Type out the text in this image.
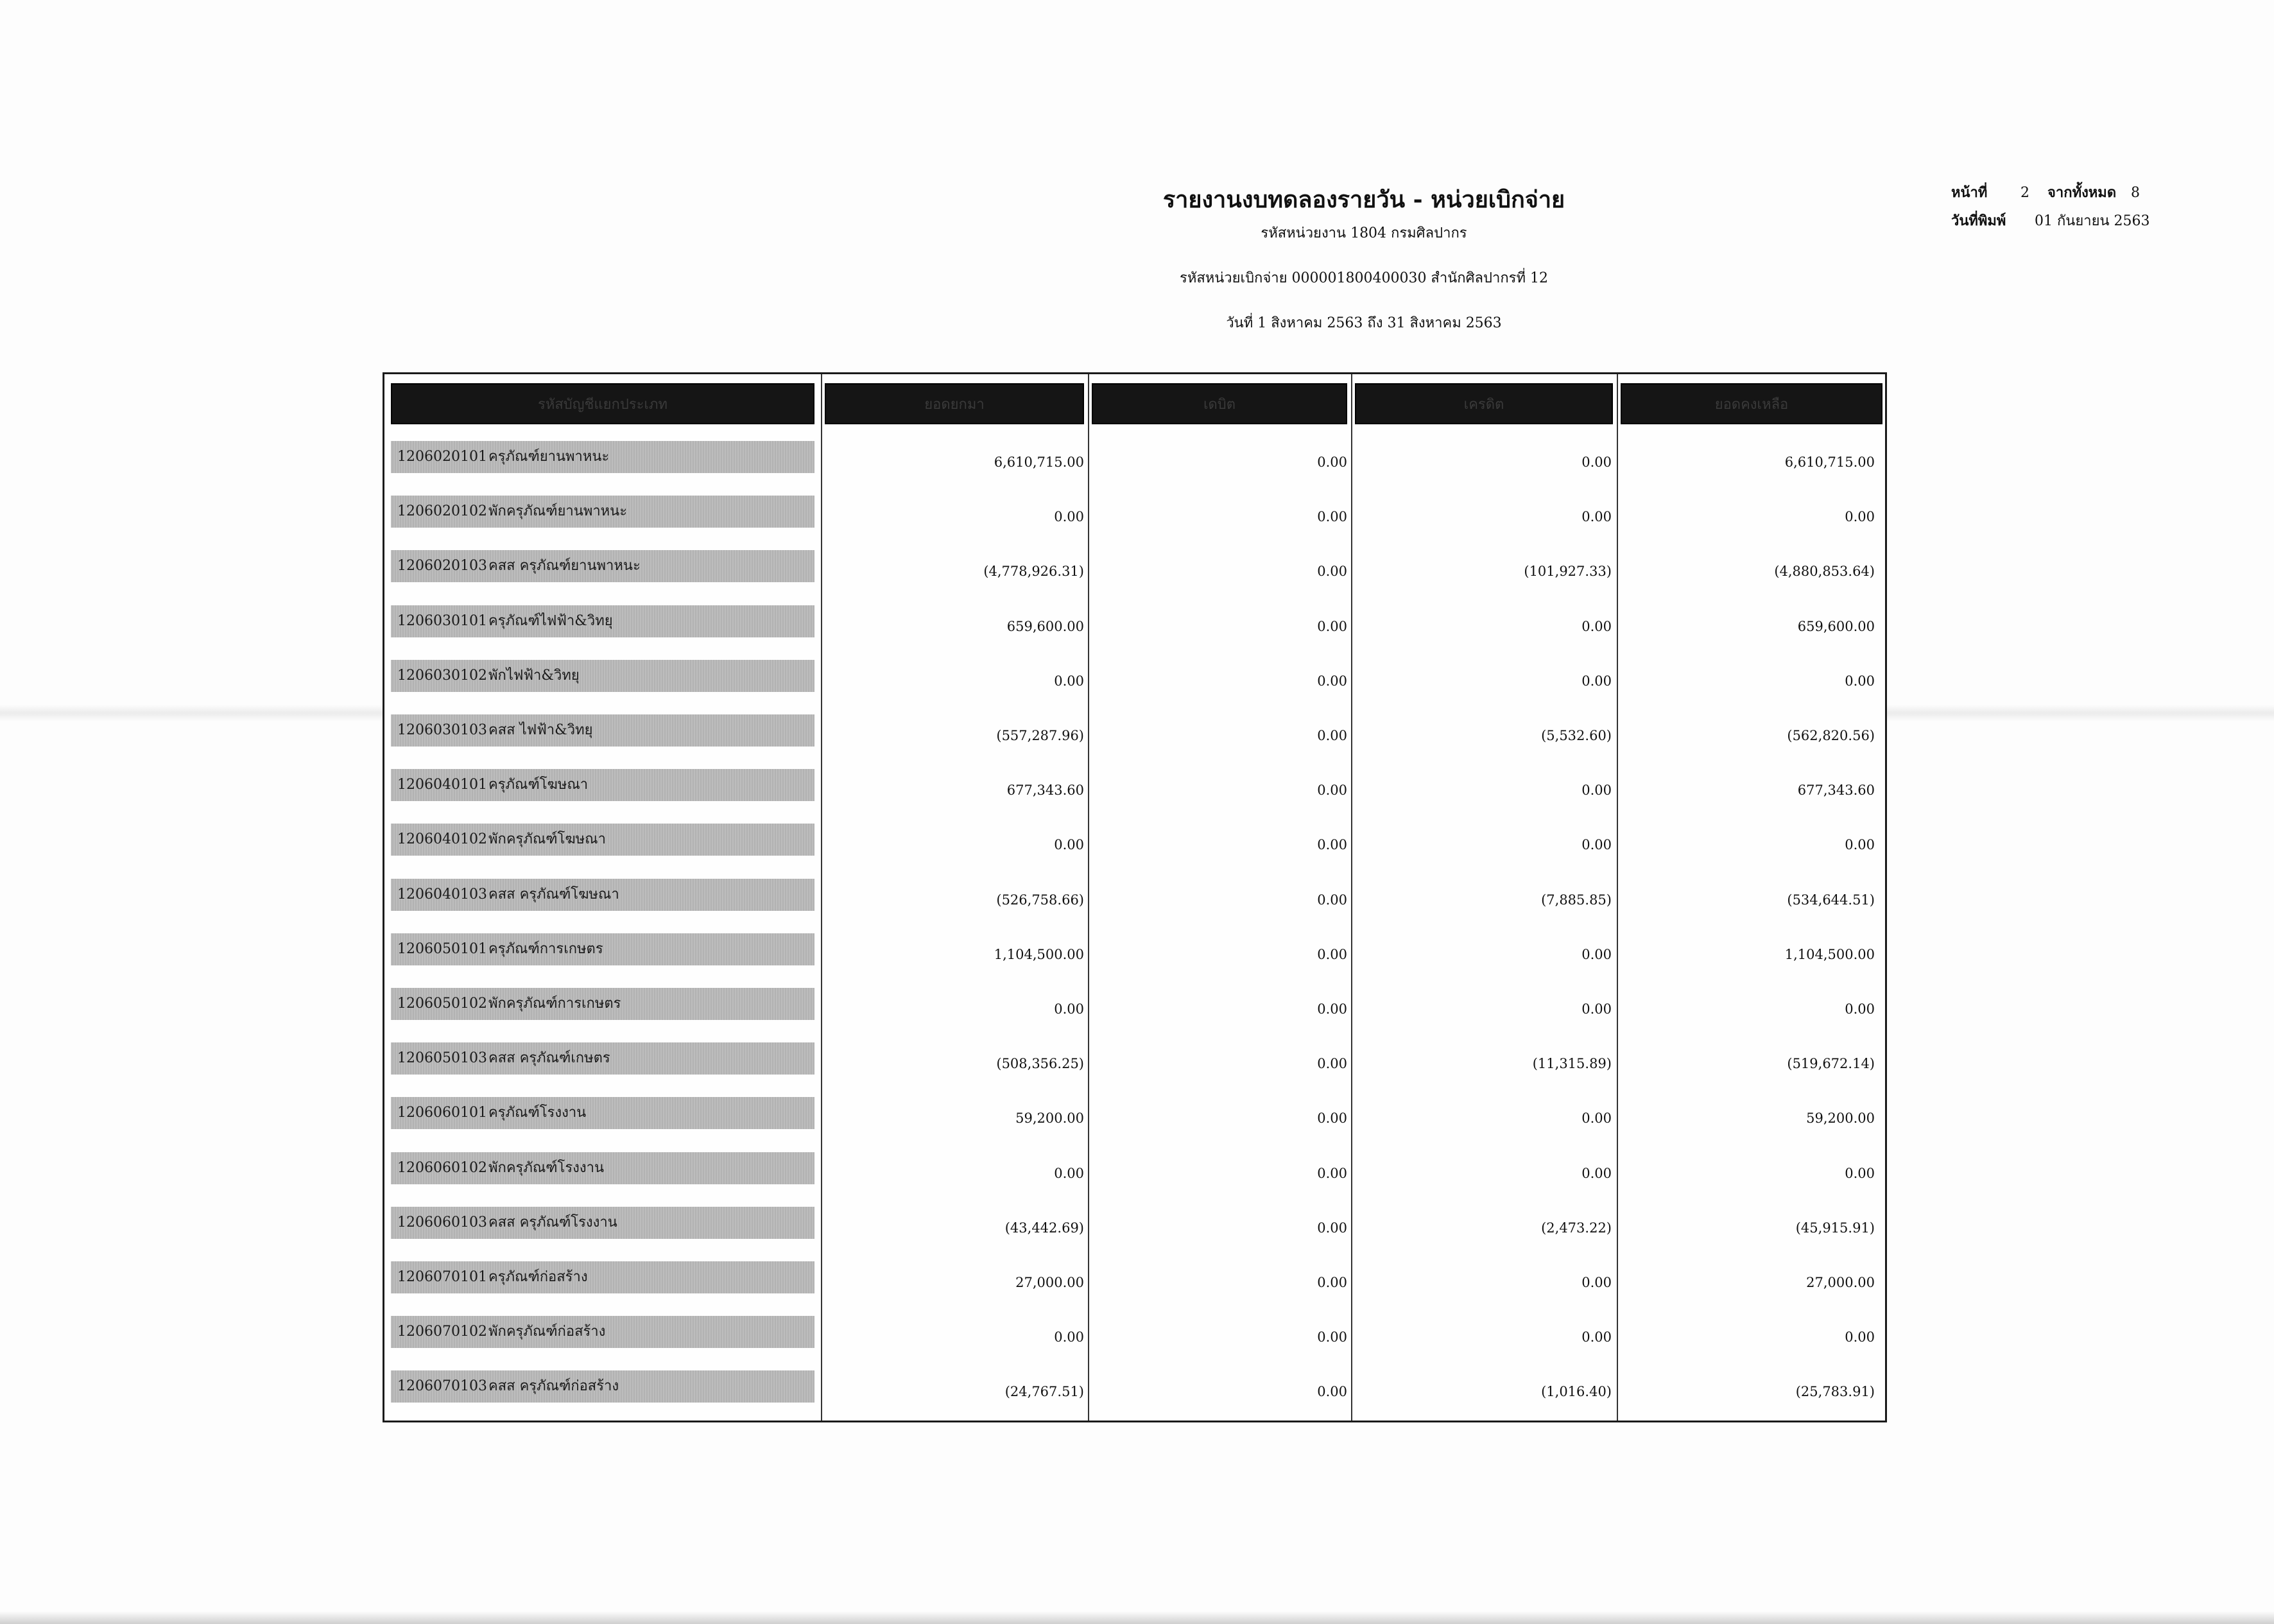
รายงานงบทดลองรายวัน - หน่วยเบิกจ่าย
รหัสหน่วยงาน 1804 กรมศิลปากร
รหัสหน่วยเบิกจ่าย 000001800400030 สำนักศิลปากรที่ 12
วันที่ 1 สิงหาคม 2563 ถึง 31 สิงหาคม 2563
หน้าที่ 2 จากทั้งหมด 8
วันที่พิมพ์ 01 กันยายน 2563
รหัสบัญชีแยกประเภท	ยอดยกมา	เดบิต	เครดิต	ยอดคงเหลือ
1206020101ครุภัณฑ์ยานพาหนะ	6,610,715.00	0.00	0.00	6,610,715.00
1206020102พักครุภัณฑ์ยานพาหนะ	0.00	0.00	0.00	0.00
1206020103คสส ครุภัณฑ์ยานพาหนะ	(4,778,926.31)	0.00	(101,927.33)	(4,880,853.64)
1206030101ครุภัณฑ์ไฟฟ้า&วิทยุ	659,600.00	0.00	0.00	659,600.00
1206030102พักไฟฟ้า&วิทยุ	0.00	0.00	0.00	0.00
1206030103คสส ไฟฟ้า&วิทยุ	(557,287.96)	0.00	(5,532.60)	(562,820.56)
1206040101ครุภัณฑ์โฆษณา	677,343.60	0.00	0.00	677,343.60
1206040102พักครุภัณฑ์โฆษณา	0.00	0.00	0.00	0.00
1206040103คสส ครุภัณฑ์โฆษณา	(526,758.66)	0.00	(7,885.85)	(534,644.51)
1206050101ครุภัณฑ์การเกษตร	1,104,500.00	0.00	0.00	1,104,500.00
1206050102พักครุภัณฑ์การเกษตร	0.00	0.00	0.00	0.00
1206050103คสส ครุภัณฑ์เกษตร	(508,356.25)	0.00	(11,315.89)	(519,672.14)
1206060101ครุภัณฑ์โรงงาน	59,200.00	0.00	0.00	59,200.00
1206060102พักครุภัณฑ์โรงงาน	0.00	0.00	0.00	0.00
1206060103คสส ครุภัณฑ์โรงงาน	(43,442.69)	0.00	(2,473.22)	(45,915.91)
1206070101ครุภัณฑ์ก่อสร้าง	27,000.00	0.00	0.00	27,000.00
1206070102พักครุภัณฑ์ก่อสร้าง	0.00	0.00	0.00	0.00
1206070103คสส ครุภัณฑ์ก่อสร้าง	(24,767.51)	0.00	(1,016.40)	(25,783.91)
